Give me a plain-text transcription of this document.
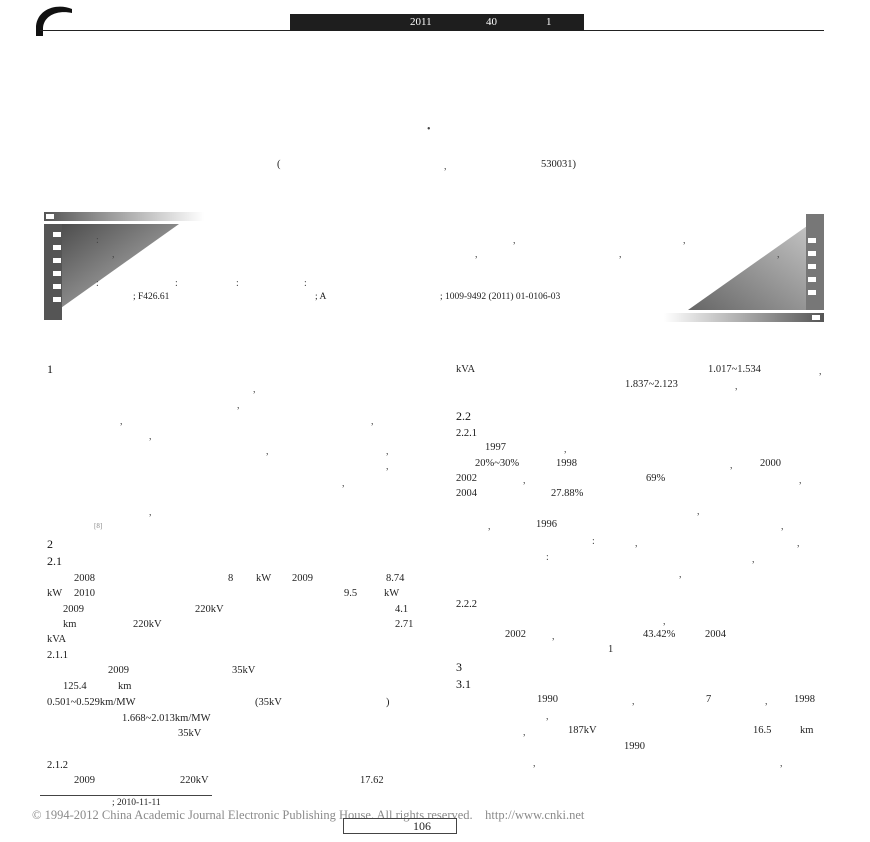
2011	40	1
•
(	,	530031)
:
,
:	:	:	:
,	,
,	,	,
; F426.61	; A	; 1009-9492 (2011) 01-0106-03
1
,
,
,	,
,
,	,
,
,
,
[8]
2
2.1
2008	8 kW 2009	8.74
kW 2010	9.5	kW
2009	220kV	4.1
km	220kV	2.71
kVA
2.1.1
2009	35kV
125.4	km
0.501~0.529km/MW	(35kV	)
1.668~2.013km/MW
35kV
2.1.2
2009	220kV	17.62
; 2010-11-11
kVA	1.017~1.534
1.837~2.123
2.2
2.2.1
1997
20%~30%	1998	2000
2002	69%
2004	27.88%
1996
2.2.2
2002	43.42%	2004
1
3
3.1
1990	7	1998
187kV	16.5	km
1990
,
,
,
,
,	,
,
,	,
:	,	,
:	,
,
,
,
,	,
,
,
,	,
© 1994-2012 China Academic Journal Electronic Publishing House. All rights reserved.    http://www.cnki.net
106
